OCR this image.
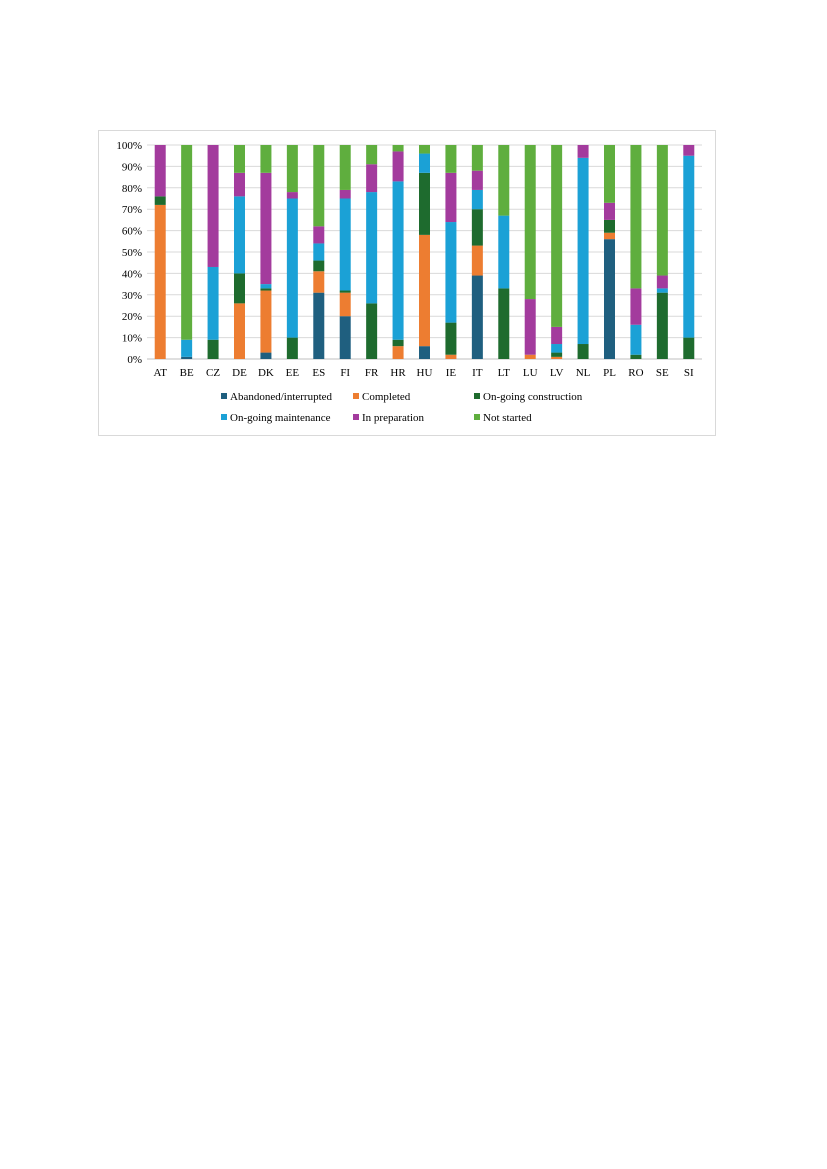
0%
10%
20%
30%
40%
50%
60%
70%
80%
90%
100%
AT BE CZ DE DK EE ES FI FR HR HU IE IT LT LU LV NL PL RO SE SI
Abandoned/interrupted	Completed	On-going construction
On-going maintenance	In preparation	Not started
